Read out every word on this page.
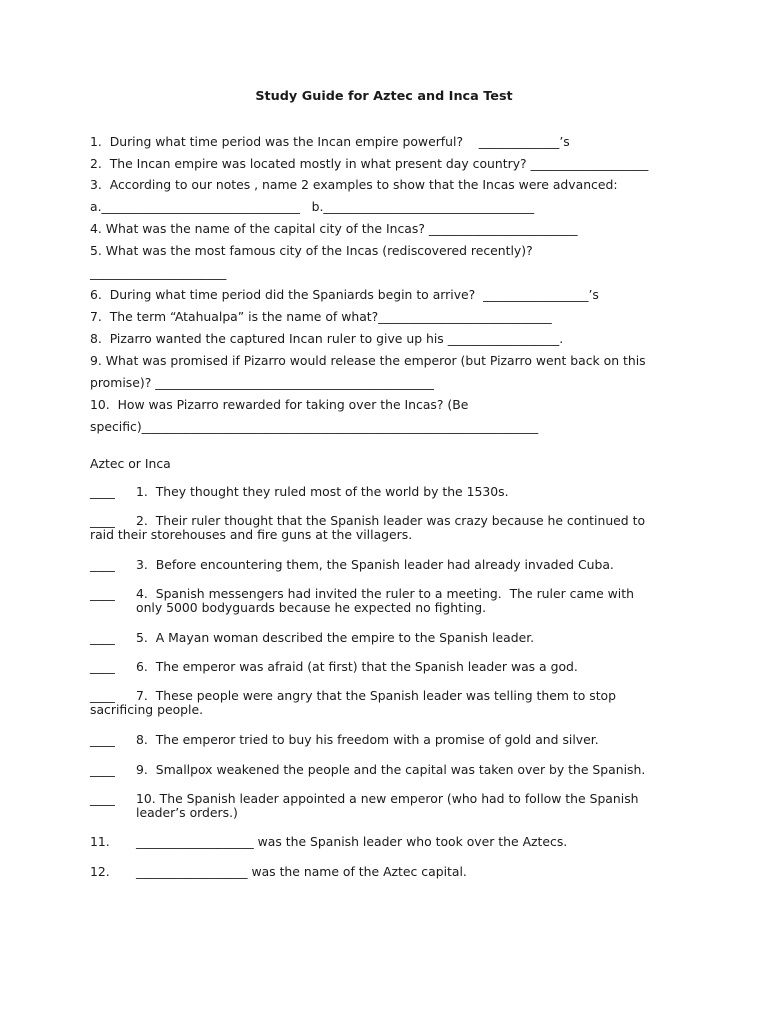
Study Guide for Aztec and Inca Test
1.  During what time period was the Incan empire powerful?    _____________’s
2.  The Incan empire was located mostly in what present day country? ___________________
3.  According to our notes , name 2 examples to show that the Incas were advanced:
a.________________________________   b.__________________________________
4. What was the name of the capital city of the Incas? ________________________
5. What was the most famous city of the Incas (rediscovered recently)?
______________________
6.  During what time period did the Spaniards begin to arrive?  _________________’s
7.  The term “Atahualpa” is the name of what?____________________________
8.  Pizarro wanted the captured Incan ruler to give up his __________________.
9. What was promised if Pizarro would release the emperor (but Pizarro went back on this
promise)? _____________________________________________
10.  How was Pizarro rewarded for taking over the Incas? (Be
specific)________________________________________________________________
Aztec or Inca
____ 1.  They thought they ruled most of the world by the 1530s.
____ 2.  Their ruler thought that the Spanish leader was crazy because he continued to
raid their storehouses and fire guns at the villagers.
____ 3.  Before encountering them, the Spanish leader had already invaded Cuba.
____ 4.  Spanish messengers had invited the ruler to a meeting.  The ruler came with
only 5000 bodyguards because he expected no fighting.
____ 5.  A Mayan woman described the empire to the Spanish leader.
____ 6.  The emperor was afraid (at first) that the Spanish leader was a god.
____ 7.  These people were angry that the Spanish leader was telling them to stop
sacrificing people.
____ 8.  The emperor tried to buy his freedom with a promise of gold and silver.
____ 9.  Smallpox weakened the people and the capital was taken over by the Spanish.
____ 10. The Spanish leader appointed a new emperor (who had to follow the Spanish
leader’s orders.)
11. ___________________ was the Spanish leader who took over the Aztecs.
12. __________________ was the name of the Aztec capital.
